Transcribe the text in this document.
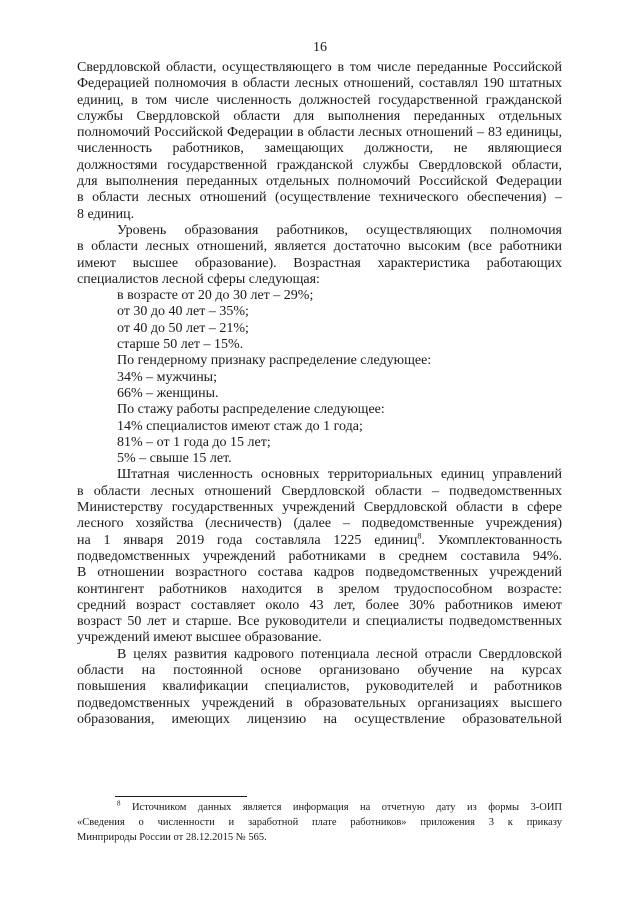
16

Свердловской области, осуществляющего в том числе переданные Российской

Федерацией полномочия в области лесных отношений, составлял 190 штатных

единиц, в том числе численность должностей государственной гражданской

службы Свердловской области для выполнения переданных отдельных

полномочий Российской Федерации в области лесных отношений – 83 единицы,

численность работников, замещающих должности, не являющиеся

должностями государственной гражданской службы Свердловской области,

для выполнения переданных отдельных полномочий Российской Федерации

в области лесных отношений (осуществление технического обеспечения) –

8 единиц.

Уровень образования работников, осуществляющих полномочия

в области лесных отношений, является достаточно высоким (все работники

имеют высшее образование). Возрастная характеристика работающих

специалистов лесной сферы следующая:

в возрасте от 20 до 30 лет – 29%;

от 30 до 40 лет – 35%;

от 40 до 50 лет – 21%;

старше 50 лет – 15%.

По гендерному признаку распределение следующее:

34% – мужчины;

66% – женщины.

По стажу работы распределение следующее:

14% специалистов имеют стаж до 1 года;

81% – от 1 года до 15 лет;

5% – свыше 15 лет.

Штатная численность основных территориальных единиц управлений

в области лесных отношений Свердловской области – подведомственных

Министерству государственных учреждений Свердловской области в сфере

лесного хозяйства (лесничеств) (далее – подведомственные учреждения)

на 1 января 2019 года составляла 1225 единиц$^8$. Укомплектованность

подведомственных учреждений работниками в среднем составила 94%.

В отношении возрастного состава кадров подведомственных учреждений

контингент работников находится в зрелом трудоспособном возрасте:

средний возраст составляет около 43 лет, более 30% работников имеют

возраст 50 лет и старше. Все руководители и специалисты подведомственных

учреждений имеют высшее образование.

В целях развития кадрового потенциала лесной отрасли Свердловской

области на постоянной основе организовано обучение на курсах

повышения квалификации специалистов, руководителей и работников

подведомственных учреждений в образовательных организациях высшего

образования, имеющих лицензию на осуществление образовательной

$^8$ Источником данных является информация на отчетную дату из формы 3-ОИП

«Сведения о численности и заработной плате работников» приложения 3 к приказу

Минприроды России от 28.12.2015 № 565.
